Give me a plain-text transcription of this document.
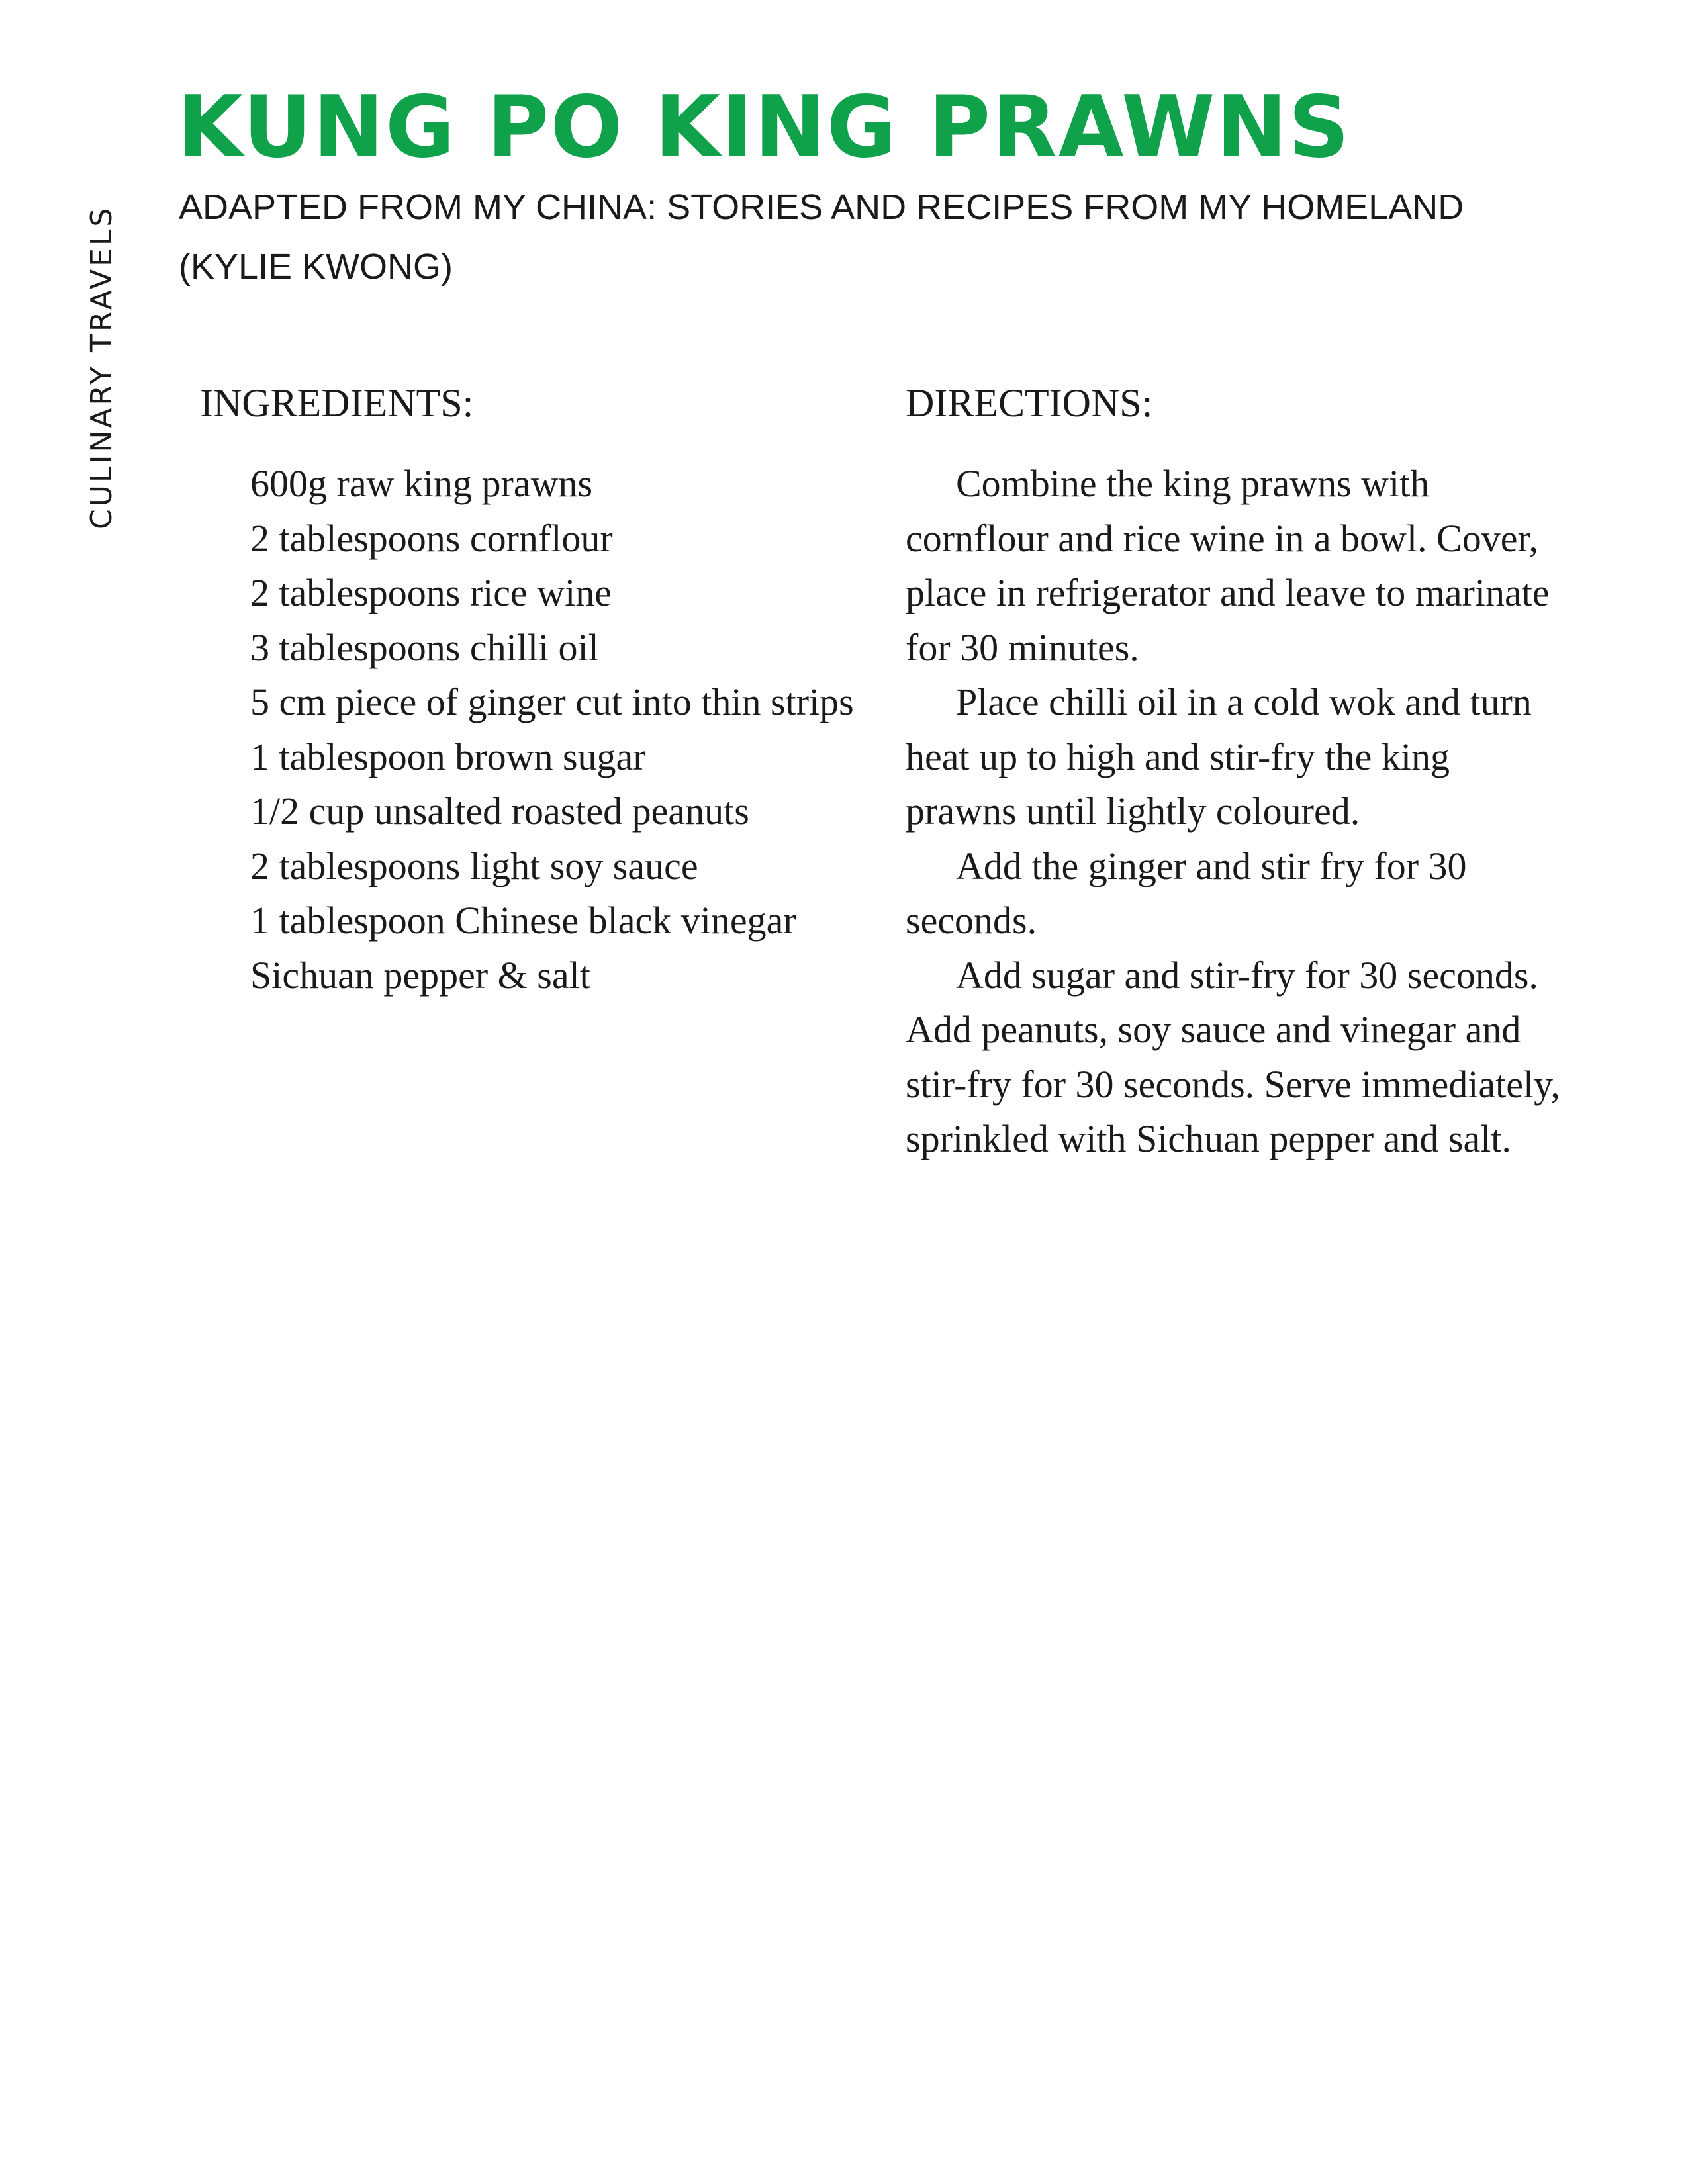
CULINARY TRAVELS
KUNG PO KING PRAWNS

ADAPTED FROM MY CHINA: STORIES AND RECIPES FROM MY HOMELAND (KYLIE KWONG)

INGREDIENTS:
600g raw king prawns
2 tablespoons cornflour
2 tablespoons rice wine
3 tablespoons chilli oil
5 cm piece of ginger cut into thin strips
1 tablespoon brown sugar
1/2 cup unsalted roasted peanuts
2 tablespoons light soy sauce
1 tablespoon Chinese black vinegar
Sichuan pepper & salt
DIRECTIONS:

Combine the king prawns with cornflour and rice wine in a bowl. Cover, place in refrigerator and leave to marinate for 30 minutes.

Place chilli oil in a cold wok and turn heat up to high and stir-fry the king prawns until lightly coloured.

Add the ginger and stir fry for 30 seconds.

Add sugar and stir-fry for 30 seconds. Add peanuts, soy sauce and vinegar and stir-fry for 30 seconds. Serve immediately, sprinkled with Sichuan pepper and salt.
